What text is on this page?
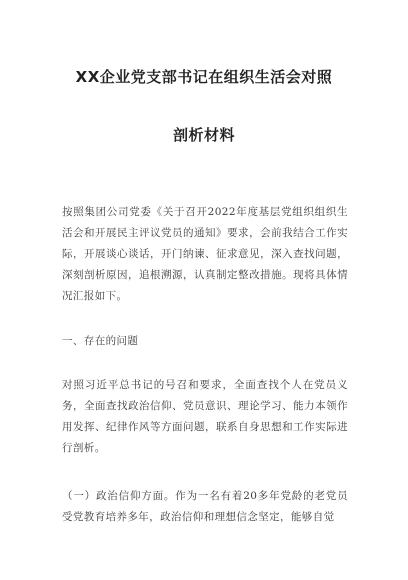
XX企业党支部书记在组织生活会对照
剖析材料

按照集团公司党委《关于召开2022年度基层党组织组织生活会和开展民主评议党员的通知》要求，会前我结合工作实际，开展谈心谈话，开门纳谏、征求意见，深入查找问题，深刻剖析原因，追根溯源，认真制定整改措施。现将具体情况汇报如下。

一、存在的问题

对照习近平总书记的号召和要求，全面查找个人在党员义务，全面查找政治信仰、党员意识、理论学习、能力本领作用发挥、纪律作风等方面问题，联系自身思想和工作实际进行剖析。

（一）政治信仰方面。作为一名有着20多年党龄的老党员受党教育培养多年，政治信仰和理想信念坚定，能够自觉
